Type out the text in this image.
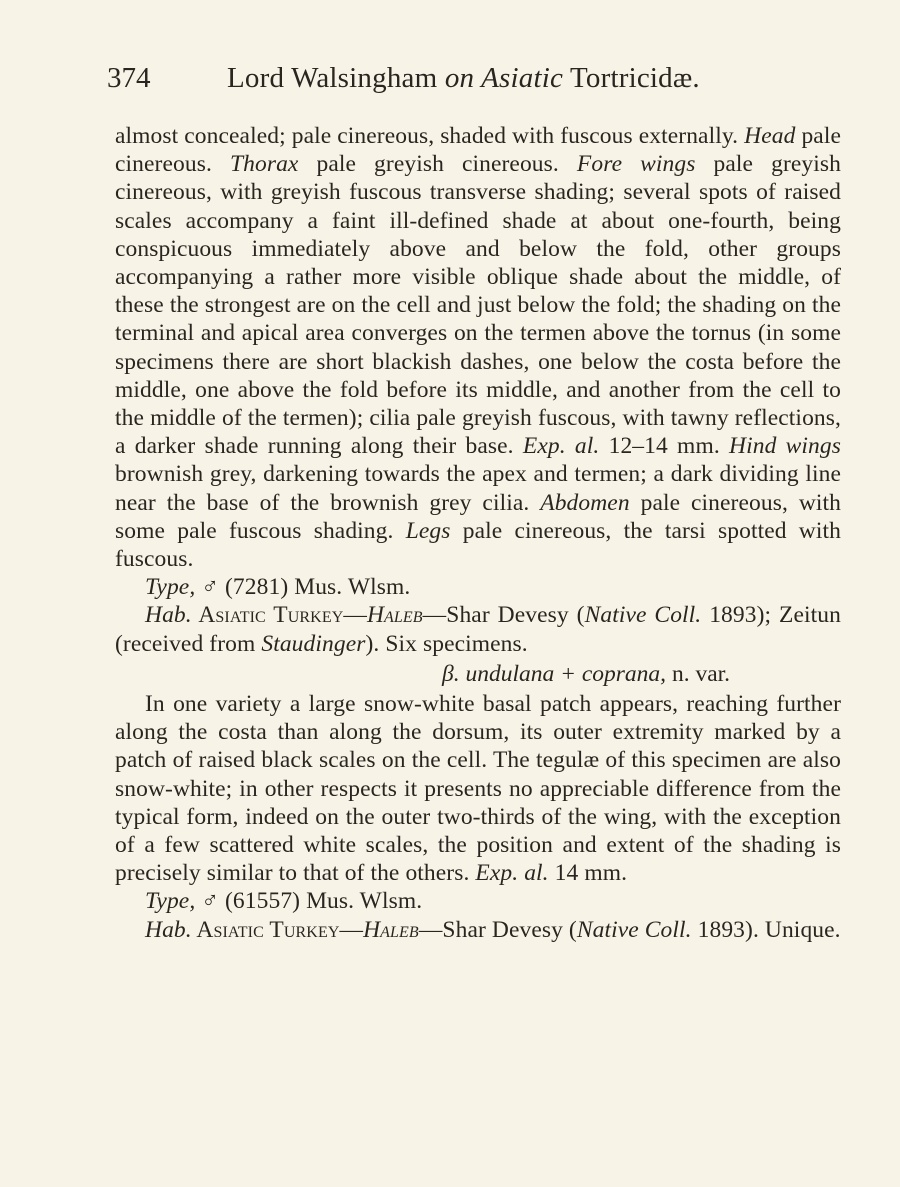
374	Lord Walsingham on Asiatic Tortricidæ.

almost concealed; pale cinereous, shaded with fuscous externally. Head pale cinereous. Thorax pale greyish cinereous. Fore wings pale greyish cinereous, with greyish fuscous transverse shading; several spots of raised scales accompany a faint ill-defined shade at about one-fourth, being conspicuous immediately above and below the fold, other groups accompanying a rather more visible oblique shade about the middle, of these the strongest are on the cell and just below the fold; the shading on the terminal and apical area converges on the termen above the tornus (in some specimens there are short blackish dashes, one below the costa before the middle, one above the fold before its middle, and another from the cell to the middle of the termen); cilia pale greyish fuscous, with tawny reflections, a darker shade running along their base. Exp. al. 12–14 mm. Hind wings brownish grey, darkening towards the apex and termen; a dark dividing line near the base of the brownish grey cilia. Abdomen pale cinereous, with some pale fuscous shading. Legs pale cinereous, the tarsi spotted with fuscous.

Type, ♂ (7281) Mus. Wlsm.

Hab. Asiatic Turkey—Haleb—Shar Devesy (Native Coll. 1893); Zeitun (received from Staudinger). Six specimens.

β. undulana + coprana, n. var.

In one variety a large snow-white basal patch appears, reaching further along the costa than along the dorsum, its outer extremity marked by a patch of raised black scales on the cell. The tegulæ of this specimen are also snow-white; in other respects it presents no appreciable difference from the typical form, indeed on the outer two-thirds of the wing, with the exception of a few scattered white scales, the position and extent of the shading is precisely similar to that of the others. Exp. al. 14 mm.

Type, ♂ (61557) Mus. Wlsm.

Hab. Asiatic Turkey—Haleb—Shar Devesy (Native Coll. 1893). Unique.
